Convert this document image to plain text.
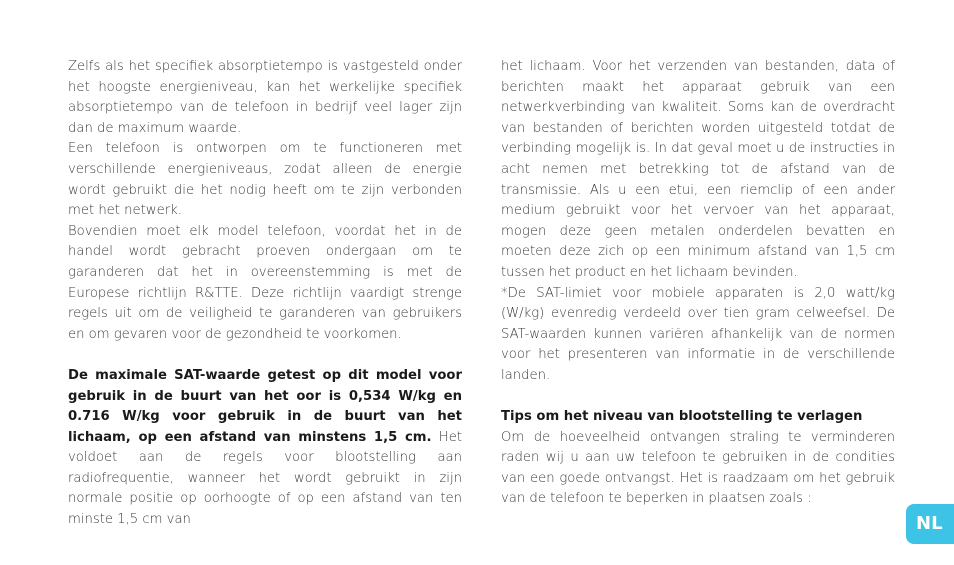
Zelfs als het specifiek absorptietempo is vastgesteld onder het hoogste energieniveau, kan het werkelijke specifiek absorptietempo van de telefoon in bedrijf veel lager zijn dan de maximum waarde.

Een telefoon is ontworpen om te functioneren met verschillende energieniveaus, zodat alleen de energie wordt gebruikt die het nodig heeft om te zijn verbonden met het netwerk.

Bovendien moet elk model telefoon, voordat het in de handel wordt gebracht proeven ondergaan om te garanderen dat het in overeenstemming is met de Europese richtlijn R&TTE. Deze richtlijn vaardigt strenge regels uit om de veiligheid te garanderen van gebruikers en om gevaren voor de gezondheid te voorkomen.

De maximale SAT-waarde getest op dit model voor gebruik in de buurt van het oor is 0,534 W/kg en 0.716 W/kg voor gebruik in de buurt van het lichaam, op een afstand van minstens 1,5 cm. Het voldoet aan de regels voor blootstelling aan radiofrequentie, wanneer het wordt gebruikt in zijn normale positie op oorhoogte of op een afstand van ten minste 1,5 cm van

het lichaam. Voor het verzenden van bestanden, data of berichten maakt het apparaat gebruik van een netwerkverbinding van kwaliteit. Soms kan de overdracht van bestanden of berichten worden uitgesteld totdat de verbinding mogelijk is. In dat geval moet u de instructies in acht nemen met betrekking tot de afstand van de transmissie. Als u een etui, een riemclip of een ander medium gebruikt voor het vervoer van het apparaat, mogen deze geen metalen onderdelen bevatten en moeten deze zich op een minimum afstand van 1,5 cm tussen het product en het lichaam bevinden.

*De SAT-limiet voor mobiele apparaten is 2,0 watt/kg (W/kg) evenredig verdeeld over tien gram celweefsel. De SAT-waarden kunnen variëren afhankelijk van de normen voor het presenteren van informatie in de verschillende landen.

Tips om het niveau van blootstelling te verlagen

Om de hoeveelheid ontvangen straling te verminderen raden wij u aan uw telefoon te gebruiken in de condities van een goede ontvangst. Het is raadzaam om het gebruik van de telefoon te beperken in plaatsen zoals :

NL
